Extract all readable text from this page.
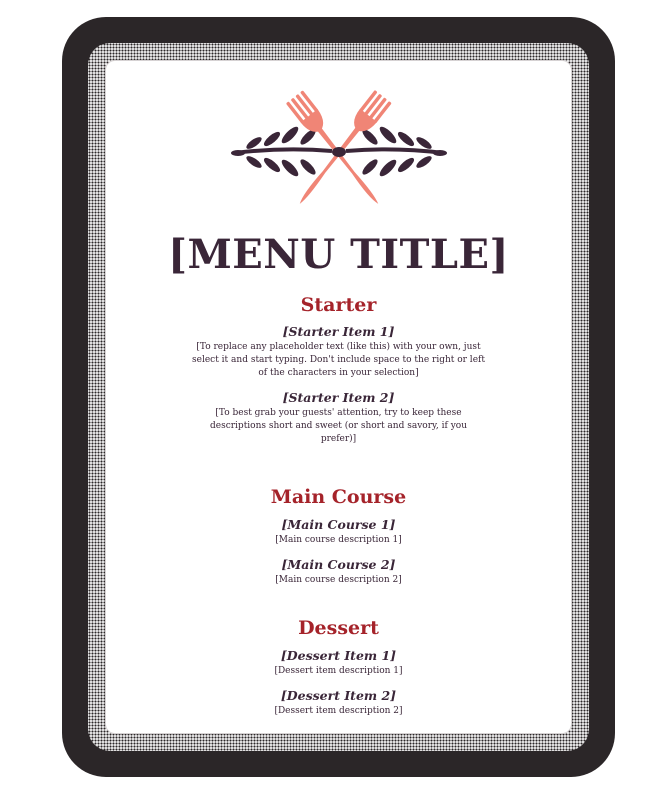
[MENU TITLE]

Starter

[Starter Item 1]

[To replace any placeholder text (like this) with your own, just select it and start typing. Don't include space to the right or left of the characters in your selection]

[Starter Item 2]

[To best grab your guests' attention, try to keep these descriptions short and sweet (or short and savory, if you prefer)]

Main Course

[Main Course 1]

[Main course description 1]

[Main Course 2]

[Main course description 2]

Dessert

[Dessert Item 1]

[Dessert item description 1]

[Dessert Item 2]

[Dessert item description 2]
